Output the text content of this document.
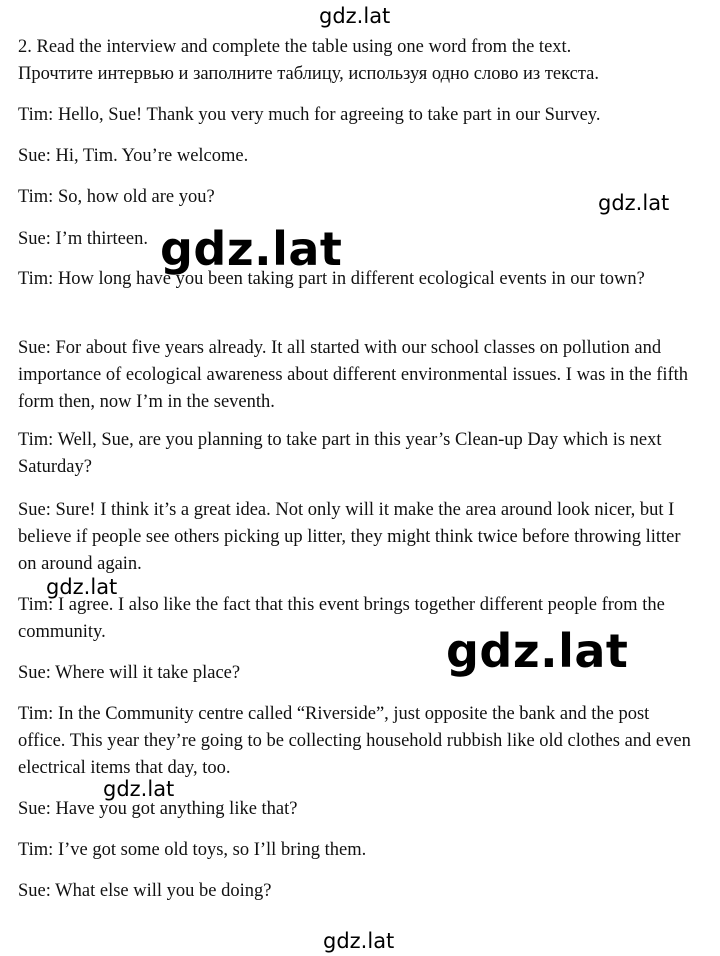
2. Read the interview and complete the table using one word from the text.
Прочтите интервью и заполните таблицу, используя одно слово из текста.

Tim: Hello, Sue! Thank you very much for agreeing to take part in our Survey.

Sue: Hi, Tim. You’re welcome.

Tim: So, how old are you?

Sue: I’m thirteen.

Tim: How long have you been taking part in different ecological events in our town?

Sue: For about five years already. It all started with our school classes on pollution and importance of ecological awareness about different environmental issues. I was in the fifth form then, now I’m in the seventh.

Tim: Well, Sue, are you planning to take part in this year’s Clean-up Day which is next Saturday?

Sue: Sure! I think it’s a great idea. Not only will it make the area around look nicer, but I believe if people see others picking up litter, they might think twice before throwing litter on around again.

Tim: I agree. I also like the fact that this event brings together different people from the community.

Sue: Where will it take place?

Tim: In the Community centre called “Riverside”, just opposite the bank and the post office. This year they’re going to be collecting household rubbish like old clothes and even electrical items that day, too.

Sue: Have you got anything like that?

Tim: I’ve got some old toys, so I’ll bring them.

Sue: What else will you be doing?

gdz.lat
gdz.lat
gdz.lat
gdz.lat
gdz.lat
gdz.lat
gdz.lat
